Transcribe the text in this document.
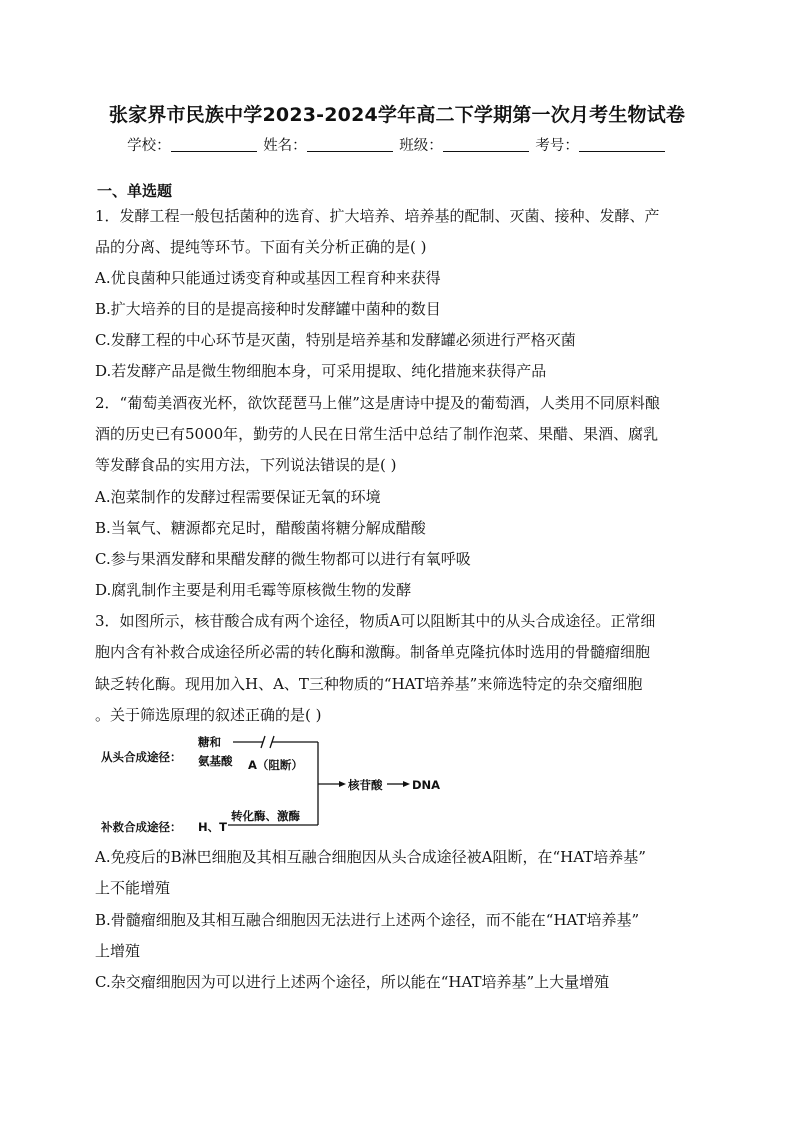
张家界市民族中学2023-2024学年高二下学期第一次月考生物试卷
学校：	姓名：	班级：	考号：
一、单选题
1．发酵工程一般包括菌种的选育、扩大培养、培养基的配制、灭菌、接种、发酵、产
品的分离、提纯等环节。下面有关分析正确的是( )
A.优良菌种只能通过诱变育种或基因工程育种来获得
B.扩大培养的目的是提高接种时发酵罐中菌种的数目
C.发酵工程的中心环节是灭菌，特别是培养基和发酵罐必须进行严格灭菌
D.若发酵产品是微生物细胞本身，可采用提取、纯化措施来获得产品
2．“葡萄美酒夜光杯，欲饮琵琶马上催”这是唐诗中提及的葡萄酒，人类用不同原料酿
酒的历史已有5000年，勤劳的人民在日常生活中总结了制作泡菜、果醋、果酒、腐乳
等发酵食品的实用方法，下列说法错误的是( )
A.泡菜制作的发酵过程需要保证无氧的环境
B.当氧气、糖源都充足时，醋酸菌将糖分解成醋酸
C.参与果酒发酵和果醋发酵的微生物都可以进行有氧呼吸
D.腐乳制作主要是利用毛霉等原核微生物的发酵
3．如图所示，核苷酸合成有两个途径，物质A可以阻断其中的从头合成途径。正常细
胞内含有补救合成途径所必需的转化酶和激酶。制备单克隆抗体时选用的骨髓瘤细胞
缺乏转化酶。现用加入H、A、T三种物质的“HAT培养基”来筛选特定的杂交瘤细胞
。关于筛选原理的叙述正确的是( )
从头合成途径：
糖和
氨基酸 A（阻断）
核苷酸	DNA
补救合成途径： H、T
转化酶、激酶
A.免疫后的B淋巴细胞及其相互融合细胞因从头合成途径被A阻断，在“HAT培养基”
上不能增殖
B.骨髓瘤细胞及其相互融合细胞因无法进行上述两个途径，而不能在“HAT培养基”
上增殖
C.杂交瘤细胞因为可以进行上述两个途径，所以能在“HAT培养基”上大量增殖
